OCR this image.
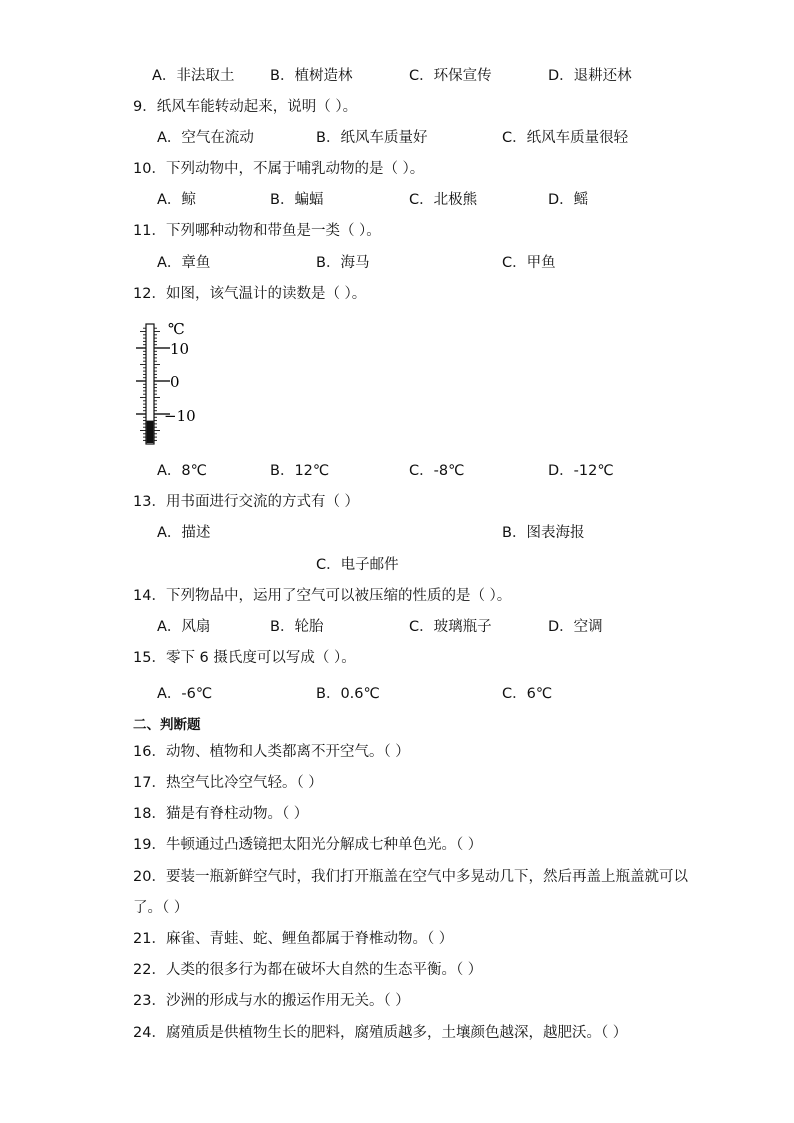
A．非法取土 B．植树造林	C．环保宣传	D．退耕还林
9．纸风车能转动起来，说明（ ）。
A．空气在流动	B．纸风车质量好	C．纸风车质量很轻
10．下列动物中，不属于哺乳动物的是（ ）。
A．鲸	B．蝙蝠	C．北极熊	D．鳐
11．下列哪种动物和带鱼是一类（ ）。
A．章鱼	B．海马	C．甲鱼
12．如图，该气温计的读数是（ ）。
℃
10
0
−10
A．8℃	B．12℃	C．-8℃	D．-12℃
13．用书面进行交流的方式有（ ）
A．描述	B．图表海报
C．电子邮件
14．下列物品中，运用了空气可以被压缩的性质的是（ ）。
A．风扇	B．轮胎	C．玻璃瓶子	D．空调
15．零下 6 摄氏度可以写成（ ）。
A．-6℃	B．0.6℃	C．6℃
二、判断题
16．动物、植物和人类都离不开空气。（ ）
17．热空气比冷空气轻。（ ）
18．猫是有脊柱动物。（ ）
19．牛顿通过凸透镜把太阳光分解成七种单色光。（ ）
20．要装一瓶新鲜空气时，我们打开瓶盖在空气中多晃动几下，然后再盖上瓶盖就可以
了。（ ）
21．麻雀、青蛙、蛇、鲤鱼都属于脊椎动物。（ ）
22．人类的很多行为都在破坏大自然的生态平衡。（ ）
23．沙洲的形成与水的搬运作用无关。（ ）
24．腐殖质是供植物生长的肥料，腐殖质越多，土壤颜色越深，越肥沃。（ ）
